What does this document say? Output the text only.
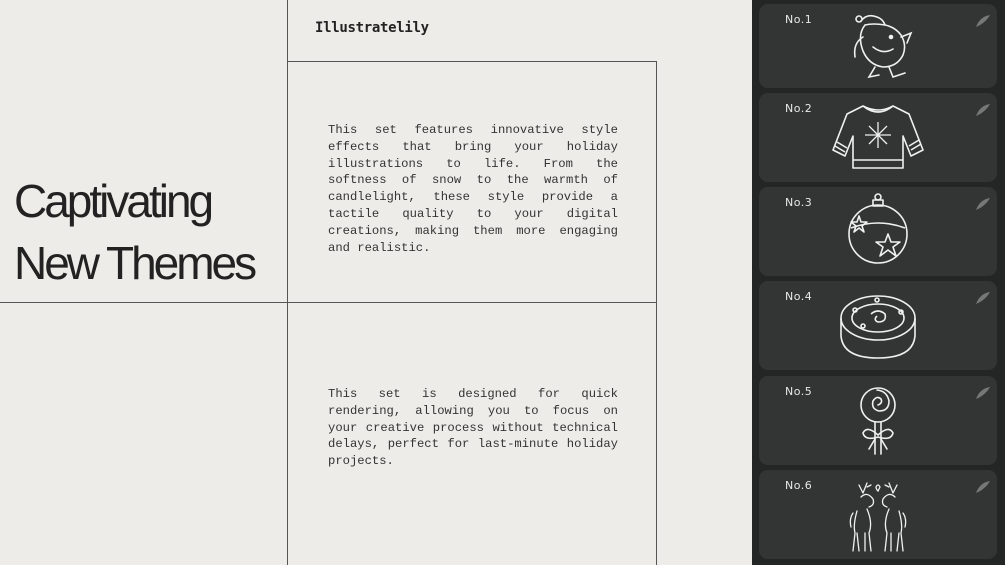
Illustratelily
Captivating
New Themes
This set features innovative style effects that bring your holiday illustrations to life. From the softness of snow to the warmth of candlelight, these style provide a tactile quality to your digital creations, making them more engaging and realistic.
This set is designed for quick rendering, allowing you to focus on your creative process without technical delays, perfect for last-minute holiday projects.
No.1
No.2
No.3
No.4
No.5
No.6
